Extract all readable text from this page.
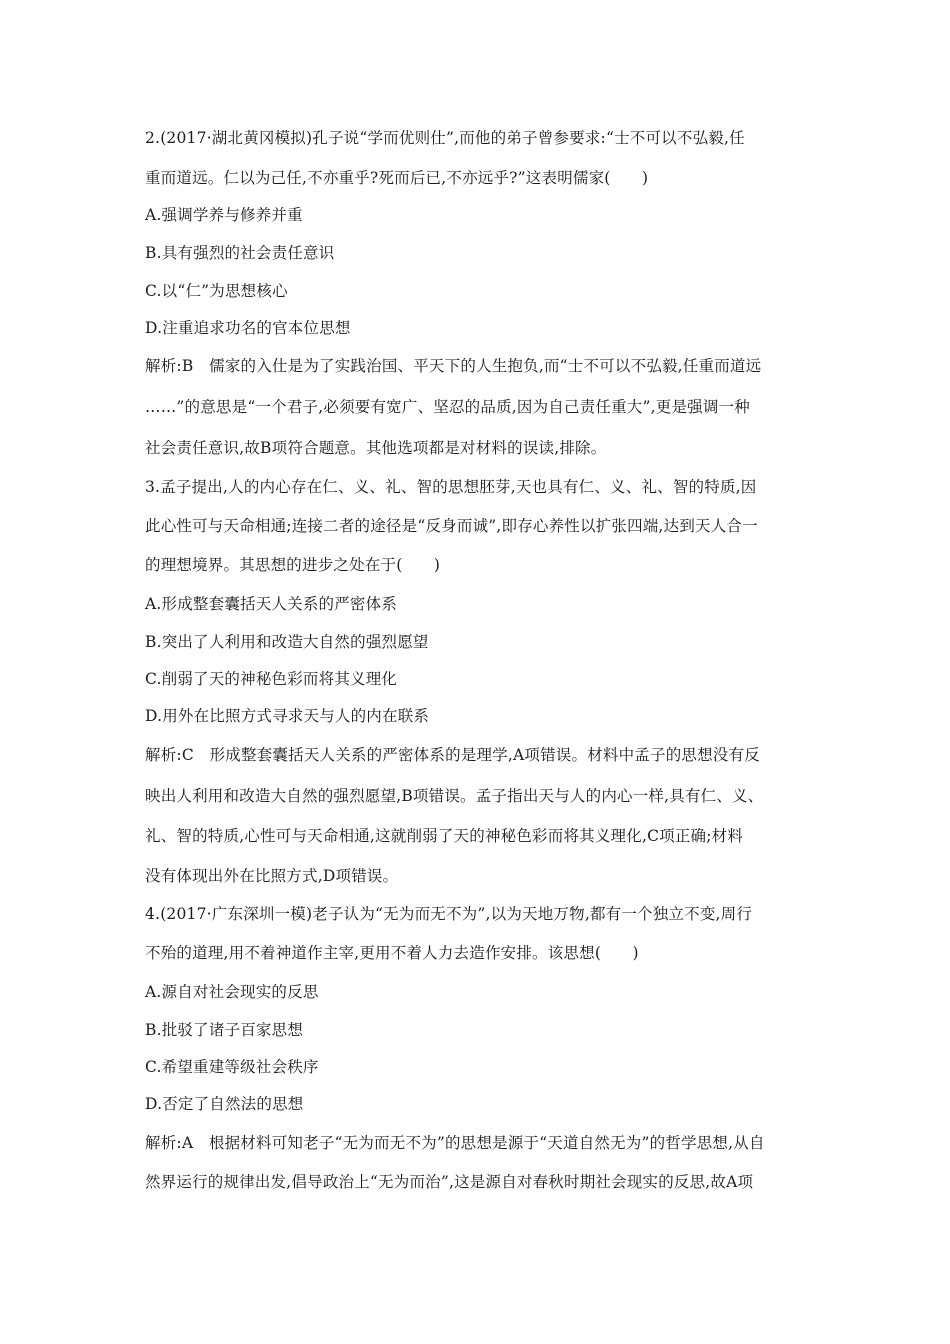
2.(2017·湖北黄冈模拟)孔子说“学而优则仕”,而他的弟子曾参要求:“士不可以不弘毅,任
重而道远。仁以为己任,不亦重乎?死而后已,不亦远乎?”这表明儒家(　　)
A.强调学养与修养并重
B.具有强烈的社会责任意识
C.以“仁”为思想核心
D.注重追求功名的官本位思想
解析:B　儒家的入仕是为了实践治国、平天下的人生抱负,而“士不可以不弘毅,任重而道远
……”的意思是“一个君子,必须要有宽广、坚忍的品质,因为自己责任重大”,更是强调一种
社会责任意识,故B项符合题意。其他选项都是对材料的误读,排除。
3.孟子提出,人的内心存在仁、义、礼、智的思想胚芽,天也具有仁、义、礼、智的特质,因
此心性可与天命相通;连接二者的途径是“反身而诚”,即存心养性以扩张四端,达到天人合一
的理想境界。其思想的进步之处在于(　　)
A.形成整套囊括天人关系的严密体系
B.突出了人利用和改造大自然的强烈愿望
C.削弱了天的神秘色彩而将其义理化
D.用外在比照方式寻求天与人的内在联系
解析:C　形成整套囊括天人关系的严密体系的是理学,A项错误。材料中孟子的思想没有反
映出人利用和改造大自然的强烈愿望,B项错误。孟子指出天与人的内心一样,具有仁、义、
礼、智的特质,心性可与天命相通,这就削弱了天的神秘色彩而将其义理化,C项正确;材料
没有体现出外在比照方式,D项错误。
4.(2017·广东深圳一模)老子认为“无为而无不为”,以为天地万物,都有一个独立不变,周行
不殆的道理,用不着神道作主宰,更用不着人力去造作安排。该思想(　　)
A.源自对社会现实的反思
B.批驳了诸子百家思想
C.希望重建等级社会秩序
D.否定了自然法的思想
解析:A　根据材料可知老子“无为而无不为”的思想是源于“天道自然无为”的哲学思想,从自
然界运行的规律出发,倡导政治上“无为而治”,这是源自对春秋时期社会现实的反思,故A项
